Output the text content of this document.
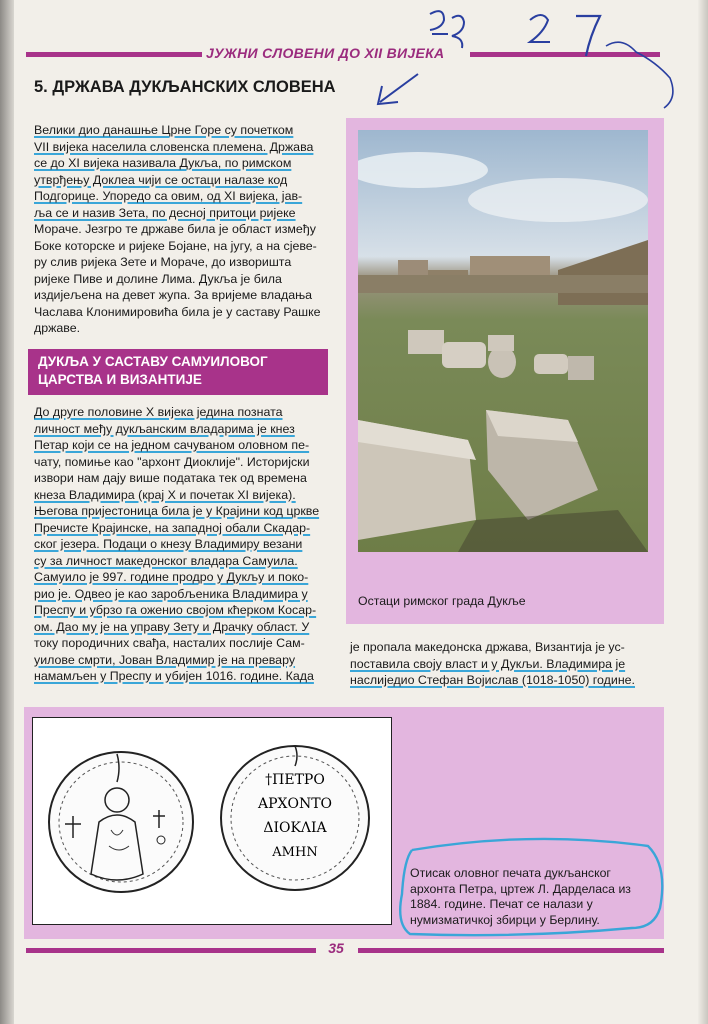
ЈУЖНИ СЛОВЕНИ ДО XII ВИЈЕКА
5. ДРЖАВА ДУКЉАНСКИХ СЛОВЕНА

Велики дио данашње Црне Горе су почетком

VII вијека населила словенска племена. Држава

се до XI вијека називала Дукља, по римском

утврђењу Доклеа чији се остаци налазе код

Подгорице. Упоредо са овим, од XI вијека, јав-

ља се и назив Зета, по десној притоци ријеке

Мораче. Језгро те државе била је област између

Боке которске и ријеке Бојане, на југу, а на сјеве-

ру слив ријека Зете и Мораче, до изворишта

ријеке Пиве и долине Лима. Дукља је била

издијељена на девет жупа. За вријеме владања

Часлава Клонимировића била је у саставу Рашке

државе.

ДУКЉА У САСТАВУ САМУИЛОВОГ
ЦАРСТВА И ВИЗАНТИЈЕ

До друге половине X вијека једина позната

личност међу дукљанским владарима је кнез

Петар који се на једном сачуваном оловном пе-

чату, помиње као "архонт Диоклије". Историјски

извори нам дају више података тек од времена

кнеза Владимира (крај X и почетак XI вијека).

Његова пријестоница била је у Крајини код цркве

Пречисте Крајинске, на западној обали Скадар-

ског језера. Подаци о кнезу Владимиру везани

су за личност македонског владара Самуила.

Самуило је 997. године продро у Дукљу и поко-

рио је. Одвео је као заробљеника Владимира у

Преспу и убрзо га оженио својом кћерком Косар-

ом. Дао му је на управу Зету и Драчку област. У

току породичних свађа, насталих послије Сам-

уилове смрти, Јован Владимир је на превару

намамљен у Преспу и убијен 1016. године. Када

Остаци римског града Дукље

је пропала македонска држава, Византија је ус-

поставила своју власт и у Дукљи. Владимира је

наслиједио Стефан Војислав (1018-1050) године.

†ΠΕΤΡΟ
ΑΡΧΟΝΤΟ
ΔΙΟΚΛΙΑ
ΑΜΗΝ
Отисак оловног печата дукљанског
архонта Петра, цртеж Л. Дарделаса из
1884. године. Печат се налази у
нумизматичкој збирци у Берлину.
35
